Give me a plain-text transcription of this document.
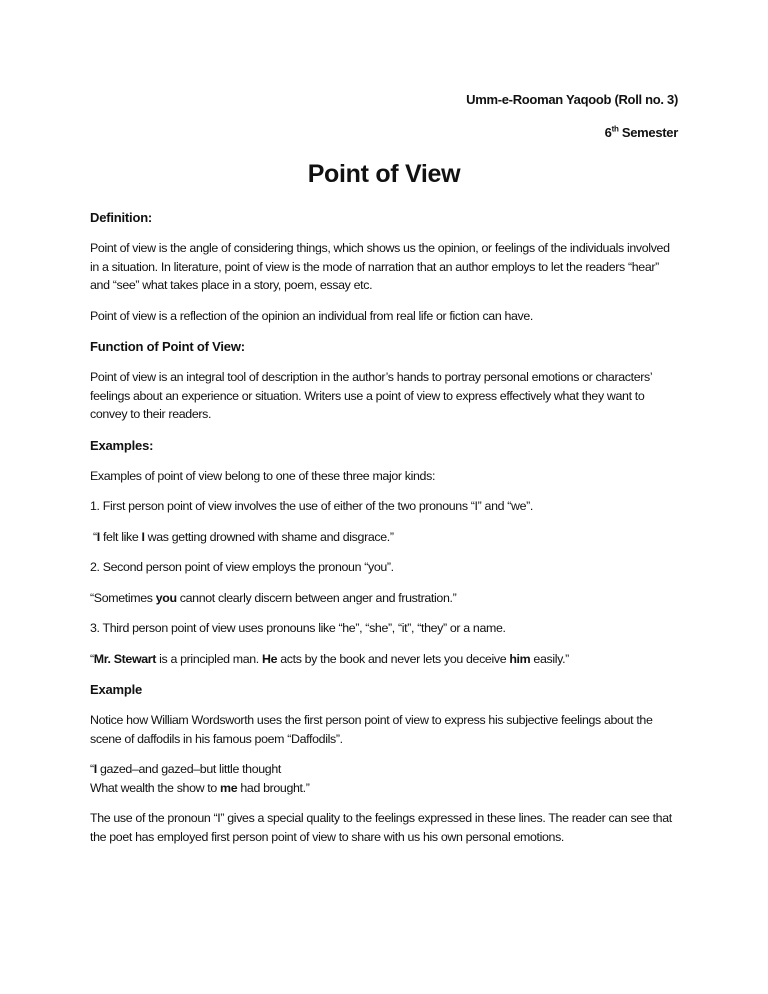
Umm-e-Rooman Yaqoob (Roll no. 3)
6th Semester
Point of View
Definition:

Point of view is the angle of considering things, which shows us the opinion, or feelings of the individuals involved in a situation. In literature, point of view is the mode of narration that an author employs to let the readers “hear” and “see” what takes place in a story, poem, essay etc.

Point of view is a reflection of the opinion an individual from real life or fiction can have.

Function of Point of View:

Point of view is an integral tool of description in the author’s hands to portray personal emotions or characters’ feelings about an experience or situation. Writers use a point of view to express effectively what they want to convey to their readers.

Examples:

Examples of point of view belong to one of these three major kinds:

1. First person point of view involves the use of either of the two pronouns “I” and “we”.

“I felt like I was getting drowned with shame and disgrace.”

2. Second person point of view employs the pronoun “you”.

“Sometimes you cannot clearly discern between anger and frustration.”

3. Third person point of view uses pronouns like “he”, “she”, “it”, “they” or a name.

“Mr. Stewart is a principled man. He acts by the book and never lets you deceive him easily.”

Example

Notice how William Wordsworth uses the first person point of view to express his subjective feelings about the scene of daffodils in his famous poem “Daffodils”.

“I gazed–and gazed–but little thought
What wealth the show to me had brought.”

The use of the pronoun “I” gives a special quality to the feelings expressed in these lines. The reader can see that the poet has employed first person point of view to share with us his own personal emotions.
